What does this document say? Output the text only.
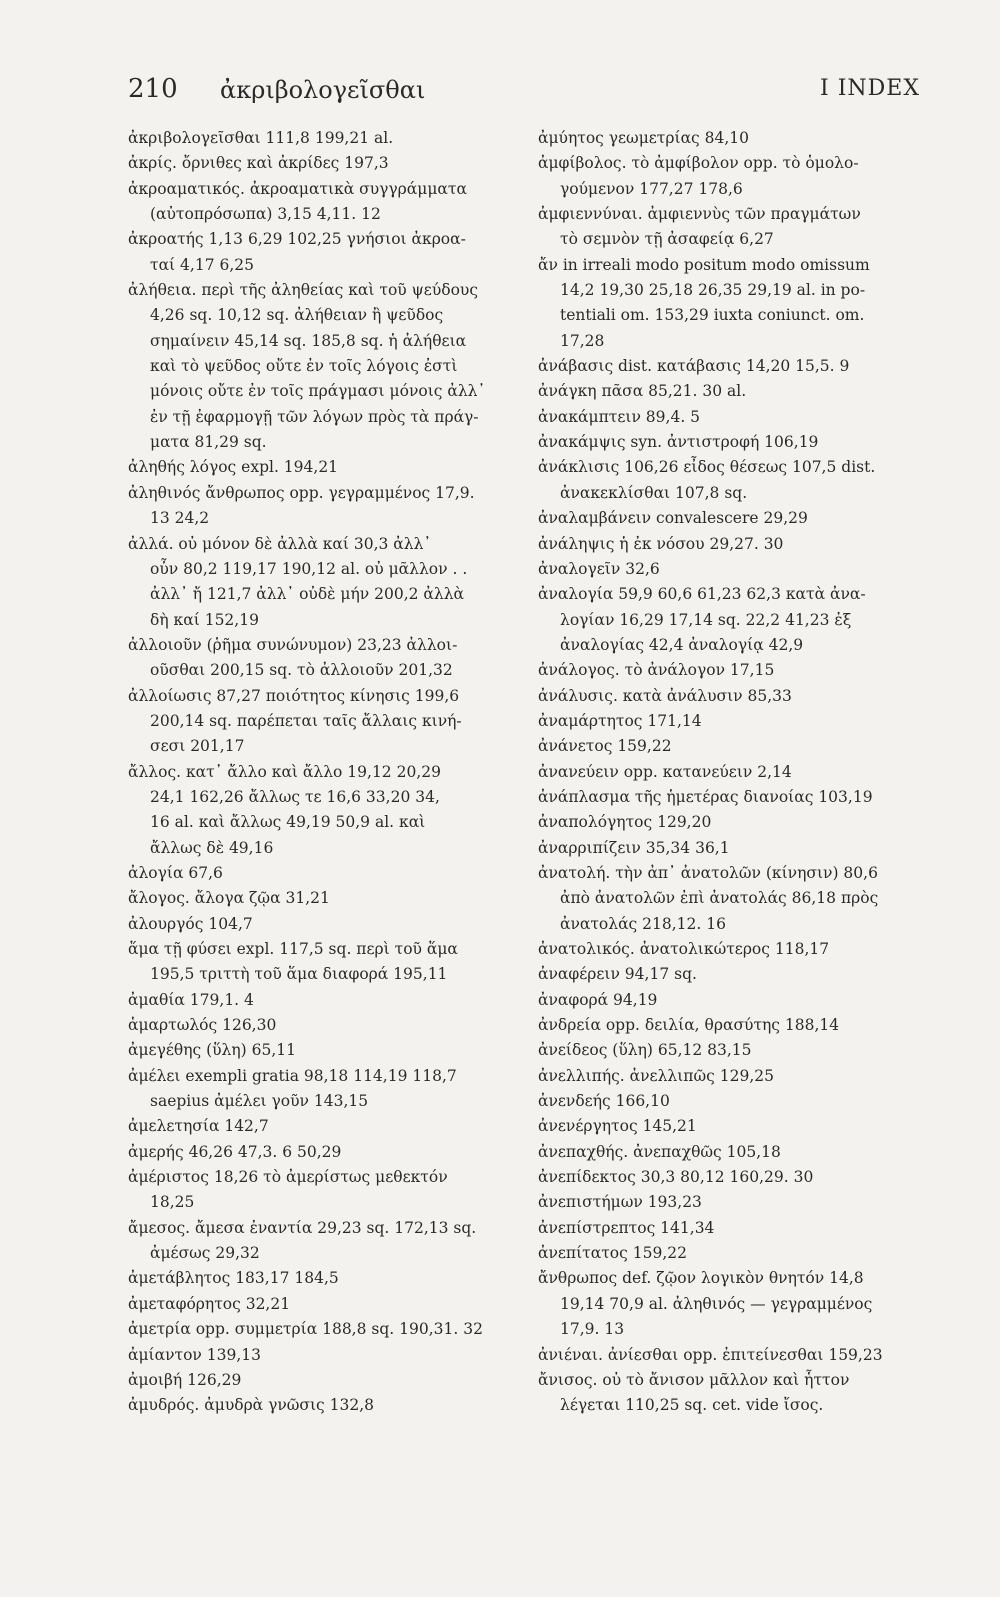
210 ἀκριβολογεῖσθαι	I INDEX
ἀκριβολογεῖσθαι 111,8 199,21 al.
ἀκρίς. ὄρνιθες καὶ ἀκρίδες 197,3
ἀκροαματικός. ἀκροαματικὰ συγγράμματα
(αὐτοπρόσωπα) 3,15 4,11. 12
ἀκροατής 1,13 6,29 102,25 γνήσιοι ἀκροα-
ταί 4,17 6,25
ἀλήθεια. περὶ τῆς ἀληθείας καὶ τοῦ ψεύδους
4,26 sq. 10,12 sq. ἀλήθειαν ἢ ψεῦδος
σημαίνειν 45,14 sq. 185,8 sq. ἡ ἀλήθεια
καὶ τὸ ψεῦδος οὔτε ἐν τοῖς λόγοις ἐστὶ
μόνοις οὔτε ἐν τοῖς πράγμασι μόνοις ἀλλ᾽
ἐν τῇ ἐφαρμογῇ τῶν λόγων πρὸς τὰ πράγ-
ματα 81,29 sq.
ἀληθής λόγος expl. 194,21
ἀληθινός ἄνθρωπος opp. γεγραμμένος 17,9.
13 24,2
ἀλλά. οὐ μόνον δὲ ἀλλὰ καί 30,3 ἀλλ᾽
οὖν 80,2 119,17 190,12 al. οὐ μᾶλλον . .
ἀλλ᾽ ἤ 121,7 ἀλλ᾽ οὐδὲ μήν 200,2 ἀλλὰ
δὴ καί 152,19
ἀλλοιοῦν (ῥῆμα συνώνυμον) 23,23 ἀλλοι-
οῦσθαι 200,15 sq. τὸ ἀλλοιοῦν 201,32
ἀλλοίωσις 87,27 ποιότητος κίνησις 199,6
200,14 sq. παρέπεται ταῖς ἄλλαις κινή-
σεσι 201,17
ἄλλος. κατ᾽ ἄλλο καὶ ἄλλο 19,12 20,29
24,1 162,26 ἄλλως τε 16,6 33,20 34,
16 al. καὶ ἄλλως 49,19 50,9 al. καὶ
ἄλλως δὲ 49,16
ἀλογία 67,6
ἄλογος. ἄλογα ζῷα 31,21
ἀλουργός 104,7
ἅμα τῇ φύσει expl. 117,5 sq. περὶ τοῦ ἅμα
195,5 τριττὴ τοῦ ἅμα διαφορά 195,11
ἀμαθία 179,1. 4
ἁμαρτωλός 126,30
ἀμεγέθης (ὕλη) 65,11
ἀμέλει exempli gratia 98,18 114,19 118,7
saepius ἀμέλει γοῦν 143,15
ἀμελετησία 142,7
ἀμερής 46,26 47,3. 6 50,29
ἀμέριστος 18,26 τὸ ἀμερίστως μεθεκτόν
18,25
ἄμεσος. ἄμεσα ἐναντία 29,23 sq. 172,13 sq.
ἀμέσως 29,32
ἀμετάβλητος 183,17 184,5
ἀμεταφόρητος 32,21
ἀμετρία opp. συμμετρία 188,8 sq. 190,31. 32
ἀμίαντον 139,13
ἀμοιβή 126,29
ἀμυδρός. ἀμυδρὰ γνῶσις 132,8
ἀμύητος γεωμετρίας 84,10
ἀμφίβολος. τὸ ἀμφίβολον opp. τὸ ὁμολο-
γούμενον 177,27 178,6
ἀμφιεννύναι. ἀμφιεννὺς τῶν πραγμάτων
τὸ σεμνὸν τῇ ἀσαφείᾳ 6,27
ἄν in irreali modo positum modo omissum
14,2 19,30 25,18 26,35 29,19 al. in po-
tentiali om. 153,29 iuxta coniunct. om.
17,28
ἀνάβασις dist. κατάβασις 14,20 15,5. 9
ἀνάγκη πᾶσα 85,21. 30 al.
ἀνακάμπτειν 89,4. 5
ἀνακάμψις syn. ἀντιστροφή 106,19
ἀνάκλισις 106,26 εἶδος θέσεως 107,5 dist.
ἀνακεκλίσθαι 107,8 sq.
ἀναλαμβάνειν convalescere 29,29
ἀνάληψις ἡ ἐκ νόσου 29,27. 30
ἀναλογεῖν 32,6
ἀναλογία 59,9 60,6 61,23 62,3 κατὰ ἀνα-
λογίαν 16,29 17,14 sq. 22,2 41,23 ἐξ
ἀναλογίας 42,4 ἀναλογίᾳ 42,9
ἀνάλογος. τὸ ἀνάλογον 17,15
ἀνάλυσις. κατὰ ἀνάλυσιν 85,33
ἀναμάρτητος 171,14
ἀνάνετος 159,22
ἀνανεύειν opp. κατανεύειν 2,14
ἀνάπλασμα τῆς ἡμετέρας διανοίας 103,19
ἀναπολόγητος 129,20
ἀναρριπίζειν 35,34 36,1
ἀνατολή. τὴν ἀπ᾽ ἀνατολῶν (κίνησιν) 80,6
ἀπὸ ἀνατολῶν ἐπὶ ἀνατολάς 86,18 πρὸς
ἀνατολάς 218,12. 16
ἀνατολικός. ἀνατολικώτερος 118,17
ἀναφέρειν 94,17 sq.
ἀναφορά 94,19
ἀνδρεία opp. δειλία, θρασύτης 188,14
ἀνείδεος (ὕλη) 65,12 83,15
ἀνελλιπής. ἀνελλιπῶς 129,25
ἀνενδεής 166,10
ἀνενέργητος 145,21
ἀνεπαχθής. ἀνεπαχθῶς 105,18
ἀνεπίδεκτος 30,3 80,12 160,29. 30
ἀνεπιστήμων 193,23
ἀνεπίστρεπτος 141,34
ἀνεπίτατος 159,22
ἄνθρωπος def. ζῷον λογικὸν θνητόν 14,8
19,14 70,9 al. ἀληθινός — γεγραμμένος
17,9. 13
ἀνιέναι. ἀνίεσθαι opp. ἐπιτείνεσθαι 159,23
ἄνισος. οὐ τὸ ἄνισον μᾶλλον καὶ ἧττον
λέγεται 110,25 sq. cet. vide ἴσος.
